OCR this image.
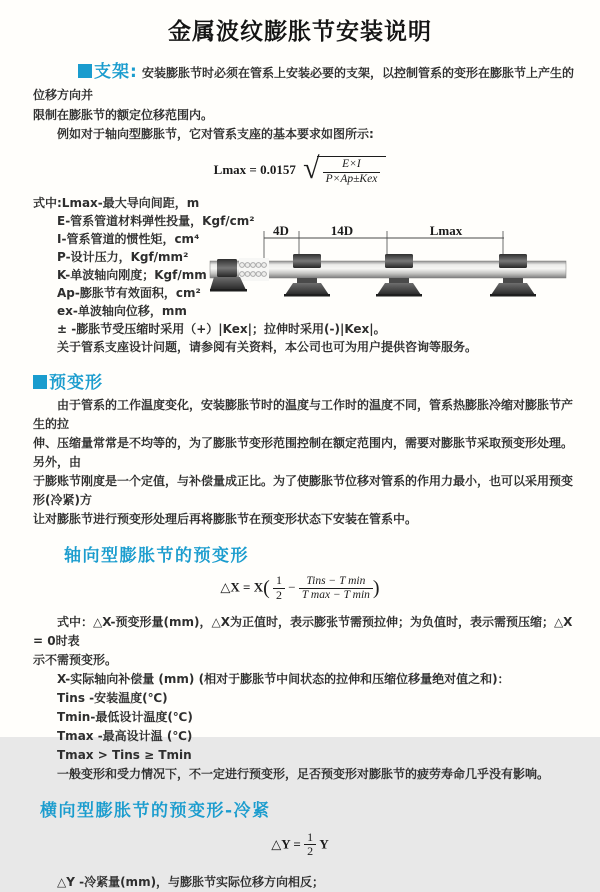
金属波纹膨胀节安装说明
支架: 安装膨胀节时必须在管系上安装必要的支架，以控制管系的变形在膨胀节上产生的位移方向并
限制在膨胀节的额定位移范围内。
例如对于轴向型膨胀节，它对管系支座的基本要求如图所示:
Lmax = 0.0157 √ $\frac{E\times I}{\text{P×Ap±Kex}}$
式中:Lmax-最大导向间距，m
E-管系管道材料弹性投量，Kgf/cm²
I-管系管道的惯性矩，cm⁴
P-设计压力，Kgf/mm²
K-单波轴向刚度；Kgf/mm
Ap-膨胀节有效面积，cm²
ex-单波轴向位移，mm
± -膨胀节受压缩时采用（+）|Kex|；拉伸时采用(-)|Kex|。
关于管系支座设计问题，请参阅有关资料，本公司也可为用户提供咨询等服务。
4D	14D	Lmax
预变形
由于管系的工作温度变化，安装膨胀节时的温度与工作时的温度不同，管系热膨胀冷缩对膨胀节产生的拉
伸、压缩量常常是不均等的，为了膨胀节变形范围控制在额定范围内，需要对膨胀节采取预变形处理。另外，由
于膨账节刚度是一个定值，与补偿量成正比。为了使膨胀节位移对管系的作用力最小，也可以采用预变形(冷紧)方
让对膨胀节进行预变形处理后再将膨胀节在预变形状态下安装在管系中。
轴向型膨胀节的预变形
△X = $X( \frac{1}{2} - \frac{\text{Tins − T min}}{\text{T max − T min}}$ )
式中：△X-预变形量(mm)，△X为正值时，表示膨张节需预拉伸；为负值时，表示需预压缩；△X = 0时表
示不需预变形。
X-实际轴向补偿量 (mm) (相对于膨胀节中间状态的拉伸和压缩位移量绝对值之和)：
Tins -安装温度(℃)
Tmin-最低设计温度(℃)
Tmax -最高设计温 (℃)
Tmax > Tins ≥ Tmin
一般变形和受力情况下，不一定进行预变形，足否预变形对膨胀节的疲劳寿命几乎没有影响。
横向型膨胀节的预变形-冷紧
△Y = $\frac{1}{2}$ Y
△Y -冷紧量(mm)，与膨胀节实际位移方向相反；
